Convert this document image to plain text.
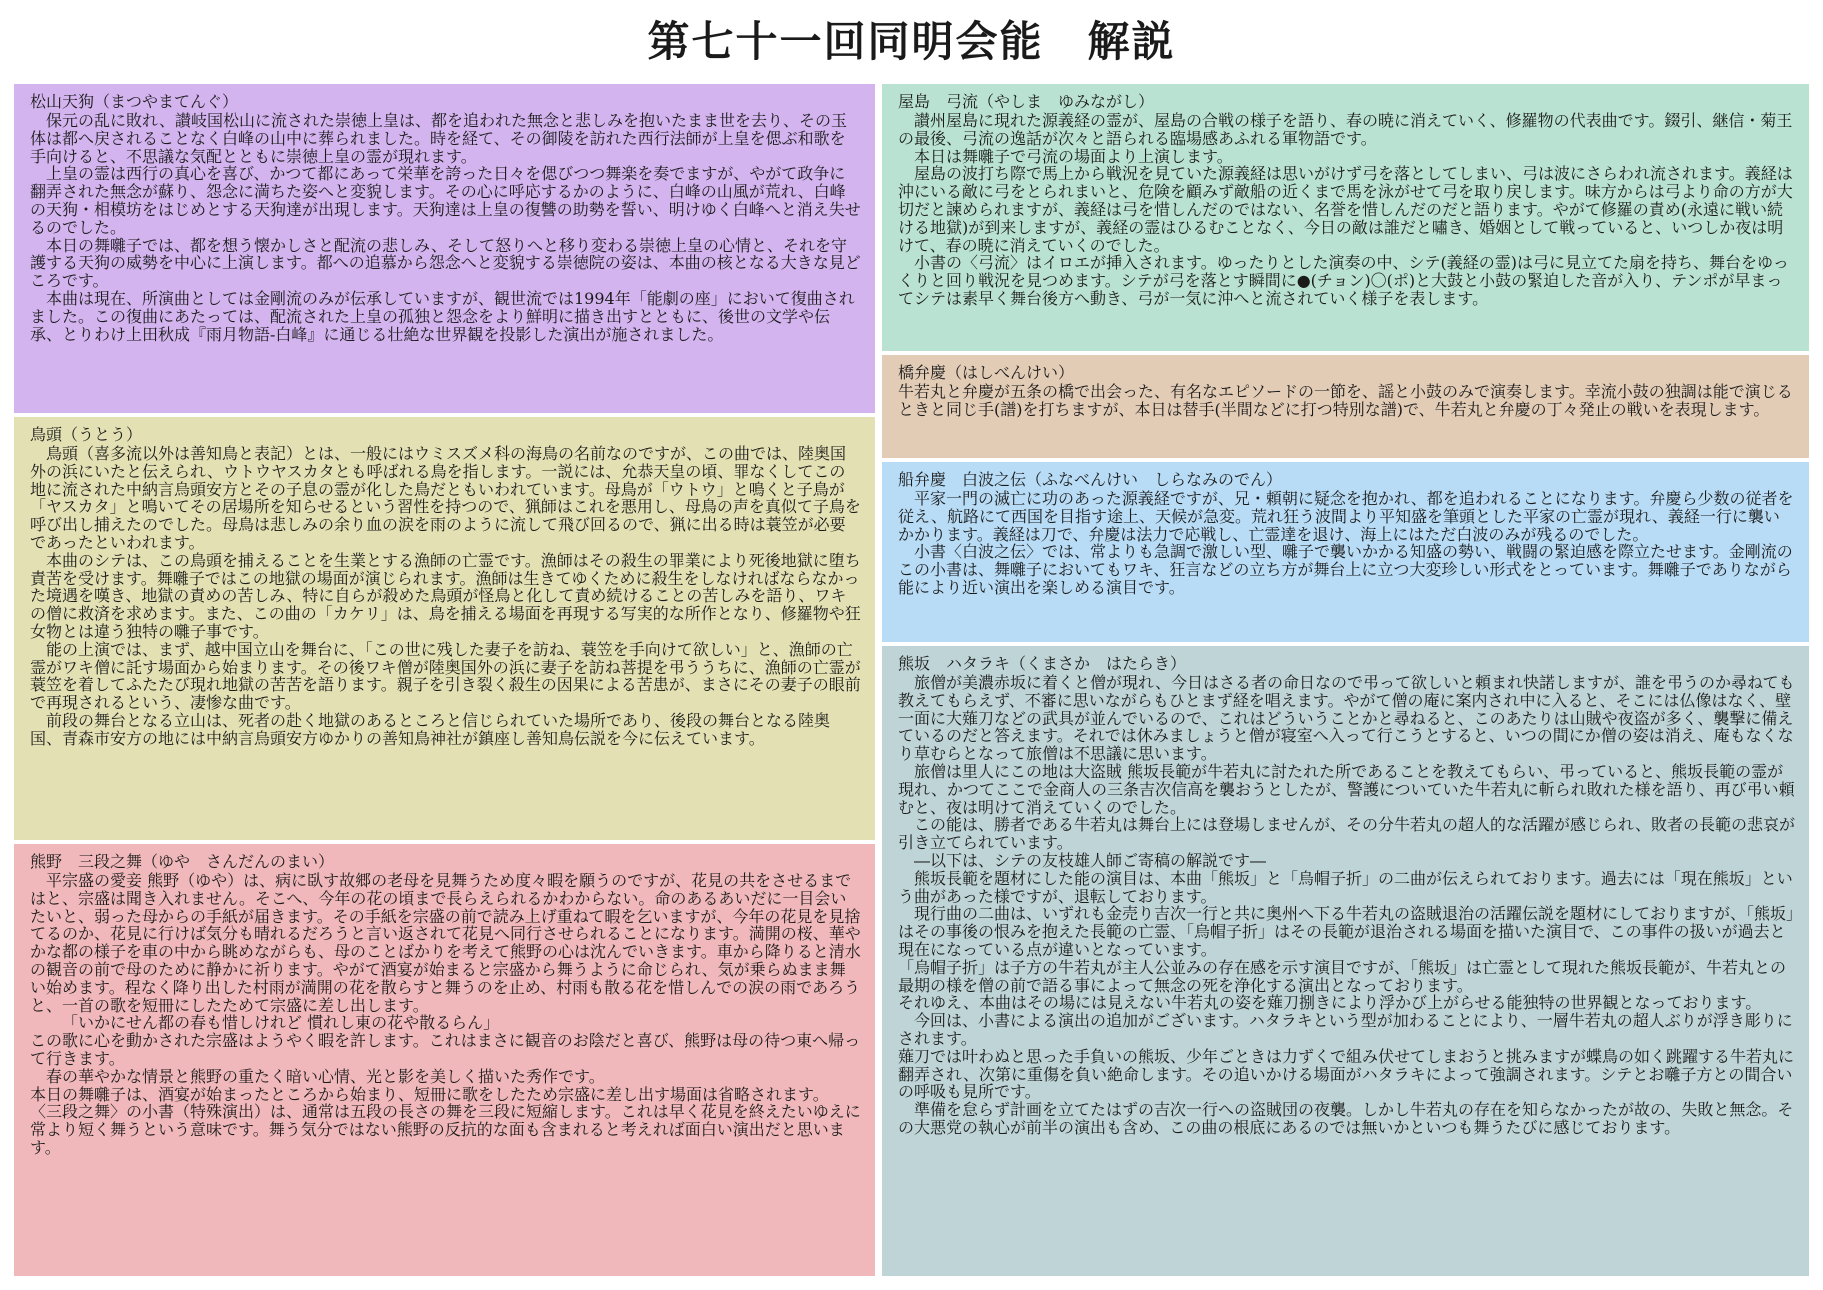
第七十一回同明会能　解説
松山天狗（まつやまてんぐ）
保元の乱に敗れ、讃岐国松山に流された崇徳上皇は、都を追われた無念と悲しみを抱いたまま世を去り、その玉体は都へ戻されることなく白峰の山中に葬られました。時を経て、その御陵を訪れた西行法師が上皇を偲ぶ和歌を手向けると、不思議な気配とともに崇徳上皇の霊が現れます。
上皇の霊は西行の真心を喜び、かつて都にあって栄華を誇った日々を偲びつつ舞楽を奏でますが、やがて政争に翻弄された無念が蘇り、怨念に満ちた姿へと変貌します。その心に呼応するかのように、白峰の山風が荒れ、白峰の天狗・相模坊をはじめとする天狗達が出現します。天狗達は上皇の復讐の助勢を誓い、明けゆく白峰へと消え失せるのでした。
本日の舞囃子では、都を想う懐かしさと配流の悲しみ、そして怒りへと移り変わる崇徳上皇の心情と、それを守護する天狗の威勢を中心に上演します。都への追慕から怨念へと変貌する崇徳院の姿は、本曲の核となる大きな見どころです。
本曲は現在、所演曲としては金剛流のみが伝承していますが、観世流では1994年「能劇の座」において復曲されました。この復曲にあたっては、配流された上皇の孤独と怨念をより鮮明に描き出すとともに、後世の文学や伝承、とりわけ上田秋成『雨月物語-白峰』に通じる壮絶な世界観を投影した演出が施されました。
鳥頭（うとう）
鳥頭（喜多流以外は善知鳥と表記）とは、一般にはウミスズメ科の海鳥の名前なのですが、この曲では、陸奥国外の浜にいたと伝えられ、ウトウヤスカタとも呼ばれる鳥を指します。一説には、允恭天皇の頃、罪なくしてこの地に流された中納言烏頭安方とその子息の霊が化した鳥だともいわれています。母鳥が「ウトウ」と鳴くと子鳥が「ヤスカタ」と鳴いてその居場所を知らせるという習性を持つので、猟師はこれを悪用し、母鳥の声を真似て子鳥を呼び出し捕えたのでした。母鳥は悲しみの余り血の涙を雨のように流して飛び回るので、猟に出る時は蓑笠が必要であったといわれます。
本曲のシテは、この鳥頭を捕えることを生業とする漁師の亡霊です。漁師はその殺生の罪業により死後地獄に堕ち責苦を受けます。舞囃子ではこの地獄の場面が演じられます。漁師は生きてゆくために殺生をしなければならなかった境遇を嘆き、地獄の責めの苦しみ、特に自らが殺めた鳥頭が怪鳥と化して責め続けることの苦しみを語り、ワキの僧に救済を求めます。また、この曲の「カケリ」は、鳥を捕える場面を再現する写実的な所作となり、修羅物や狂女物とは違う独特の囃子事です。
能の上演では、まず、越中国立山を舞台に、「この世に残した妻子を訪ね、蓑笠を手向けて欲しい」と、漁師の亡霊がワキ僧に託す場面から始まります。その後ワキ僧が陸奥国外の浜に妻子を訪ね菩提を弔ううちに、漁師の亡霊が蓑笠を着してふたたび現れ地獄の苦苦を語ります。親子を引き裂く殺生の因果による苦患が、まさにその妻子の眼前で再現されるという、凄惨な曲です。
前段の舞台となる立山は、死者の赴く地獄のあるところと信じられていた場所であり、後段の舞台となる陸奥国、青森市安方の地には中納言烏頭安方ゆかりの善知鳥神社が鎮座し善知鳥伝説を今に伝えています。
熊野　三段之舞（ゆや　さんだんのまい）
平宗盛の愛妾 熊野（ゆや）は、病に臥す故郷の老母を見舞うため度々暇を願うのですが、花見の共をさせるまではと、宗盛は聞き入れません。そこへ、今年の花の頃まで長らえられるかわからない。命のあるあいだに一目会いたいと、弱った母からの手紙が届きます。その手紙を宗盛の前で読み上げ重ねて暇を乞いますが、今年の花見を見捨てるのか、花見に行けば気分も晴れるだろうと言い返されて花見へ同行させられることになります。満開の桜、華やかな都の様子を車の中から眺めながらも、母のことばかりを考えて熊野の心は沈んでいきます。車から降りると清水の観音の前で母のために静かに祈ります。やがて酒宴が始まると宗盛から舞うように命じられ、気が乗らぬまま舞い始めます。程なく降り出した村雨が満開の花を散らすと舞うのを止め、村雨も散る花を惜しんでの涙の雨であろうと、一首の歌を短冊にしたためて宗盛に差し出します。
「いかにせん都の春も惜しけれど 慣れし東の花や散るらん」
この歌に心を動かされた宗盛はようやく暇を許します。これはまさに観音のお陰だと喜び、熊野は母の待つ東へ帰って行きます。
春の華やかな情景と熊野の重たく暗い心情、光と影を美しく描いた秀作です。
本日の舞囃子は、酒宴が始まったところから始まり、短冊に歌をしたため宗盛に差し出す場面は省略されます。
〈三段之舞〉の小書（特殊演出）は、通常は五段の長さの舞を三段に短縮します。これは早く花見を終えたいゆえに常より短く舞うという意味です。舞う気分ではない熊野の反抗的な面も含まれると考えれば面白い演出だと思います。
屋島　弓流（やしま　ゆみながし）
讃州屋島に現れた源義経の霊が、屋島の合戦の様子を語り、春の暁に消えていく、修羅物の代表曲です。錣引、継信・菊王の最後、弓流の逸話が次々と語られる臨場感あふれる軍物語です。
本日は舞囃子で弓流の場面より上演します。
屋島の波打ち際で馬上から戦況を見ていた源義経は思いがけず弓を落としてしまい、弓は波にさらわれ流されます。義経は沖にいる敵に弓をとられまいと、危険を顧みず敵船の近くまで馬を泳がせて弓を取り戻します。味方からは弓より命の方が大切だと諫められますが、義経は弓を惜しんだのではない、名誉を惜しんだのだと語ります。やがて修羅の責め(永遠に戦い続ける地獄)が到来しますが、義経の霊はひるむことなく、今日の敵は誰だと嘯き、婚姻として戦っていると、いつしか夜は明けて、春の暁に消えていくのでした。
小書の〈弓流〉はイロエが挿入されます。ゆったりとした演奏の中、シテ(義経の霊)は弓に見立てた扇を持ち、舞台をゆっくりと回り戦況を見つめます。シテが弓を落とす瞬間に●(チョン)〇(ポ)と大鼓と小鼓の緊迫した音が入り、テンポが早まってシテは素早く舞台後方へ動き、弓が一気に沖へと流されていく様子を表します。
橋弁慶（はしべんけい）
牛若丸と弁慶が五条の橋で出会った、有名なエピソードの一節を、謡と小鼓のみで演奏します。幸流小鼓の独調は能で演じるときと同じ手(譜)を打ちますが、本日は替手(半間などに打つ特別な譜)で、牛若丸と弁慶の丁々発止の戦いを表現します。
船弁慶　白波之伝（ふなべんけい　しらなみのでん）
平家一門の滅亡に功のあった源義経ですが、兄・頼朝に疑念を抱かれ、都を追われることになります。弁慶ら少数の従者を従え、航路にて西国を目指す途上、天候が急変。荒れ狂う波間より平知盛を筆頭とした平家の亡霊が現れ、義経一行に襲いかかります。義経は刀で、弁慶は法力で応戦し、亡霊達を退け、海上にはただ白波のみが残るのでした。
小書〈白波之伝〉では、常よりも急調で激しい型、囃子で襲いかかる知盛の勢い、戦闘の緊迫感を際立たせます。金剛流のこの小書は、舞囃子においてもワキ、狂言などの立ち方が舞台上に立つ大変珍しい形式をとっています。舞囃子でありながら能により近い演出を楽しめる演目です。
熊坂　ハタラキ（くまさか　はたらき）
旅僧が美濃赤坂に着くと僧が現れ、今日はさる者の命日なので弔って欲しいと頼まれ快諾しますが、誰を弔うのか尋ねても教えてもらえず、不審に思いながらもひとまず経を唱えます。やがて僧の庵に案内され中に入ると、そこには仏像はなく、壁一面に大薙刀などの武具が並んでいるので、これはどういうことかと尋ねると、このあたりは山賊や夜盗が多く、襲撃に備えているのだと答えます。それでは休みましょうと僧が寝室へ入って行こうとすると、いつの間にか僧の姿は消え、庵もなくなり草むらとなって旅僧は不思議に思います。
旅僧は里人にこの地は大盗賊 熊坂長範が牛若丸に討たれた所であることを教えてもらい、弔っていると、熊坂長範の霊が現れ、かつてここで金商人の三条吉次信高を襲おうとしたが、警護についていた牛若丸に斬られ敗れた様を語り、再び弔い頼むと、夜は明けて消えていくのでした。
この能は、勝者である牛若丸は舞台上には登場しませんが、その分牛若丸の超人的な活躍が感じられ、敗者の長範の悲哀が引き立てられています。
―以下は、シテの友枝雄人師ご寄稿の解説です―
熊坂長範を題材にした能の演目は、本曲「熊坂」と「烏帽子折」の二曲が伝えられております。過去には「現在熊坂」という曲があった様ですが、退転しております。
現行曲の二曲は、いずれも金売り吉次一行と共に奥州へ下る牛若丸の盗賊退治の活躍伝説を題材にしておりますが、「熊坂」はその事後の恨みを抱えた長範の亡霊、「烏帽子折」はその長範が退治される場面を描いた演目で、この事件の扱いが過去と現在になっている点が違いとなっています。
「烏帽子折」は子方の牛若丸が主人公並みの存在感を示す演目ですが、「熊坂」は亡霊として現れた熊坂長範が、牛若丸との最期の様を僧の前で語る事によって無念の死を浄化する演出となっております。
それゆえ、本曲はその場には見えない牛若丸の姿を薙刀捌きにより浮かび上がらせる能独特の世界観となっております。
今回は、小書による演出の追加がございます。ハタラキという型が加わることにより、一層牛若丸の超人ぶりが浮き彫りにされます。
薙刀では叶わぬと思った手負いの熊坂、少年ごときは力ずくで組み伏せてしまおうと挑みますが蝶鳥の如く跳躍する牛若丸に翻弄され、次第に重傷を負い絶命します。その追いかける場面がハタラキによって強調されます。シテとお囃子方との間合いの呼吸も見所です。
準備を怠らず計画を立てたはずの吉次一行への盗賊団の夜襲。しかし牛若丸の存在を知らなかったが故の、失敗と無念。その大悪党の執心が前半の演出も含め、この曲の根底にあるのでは無いかといつも舞うたびに感じております。
